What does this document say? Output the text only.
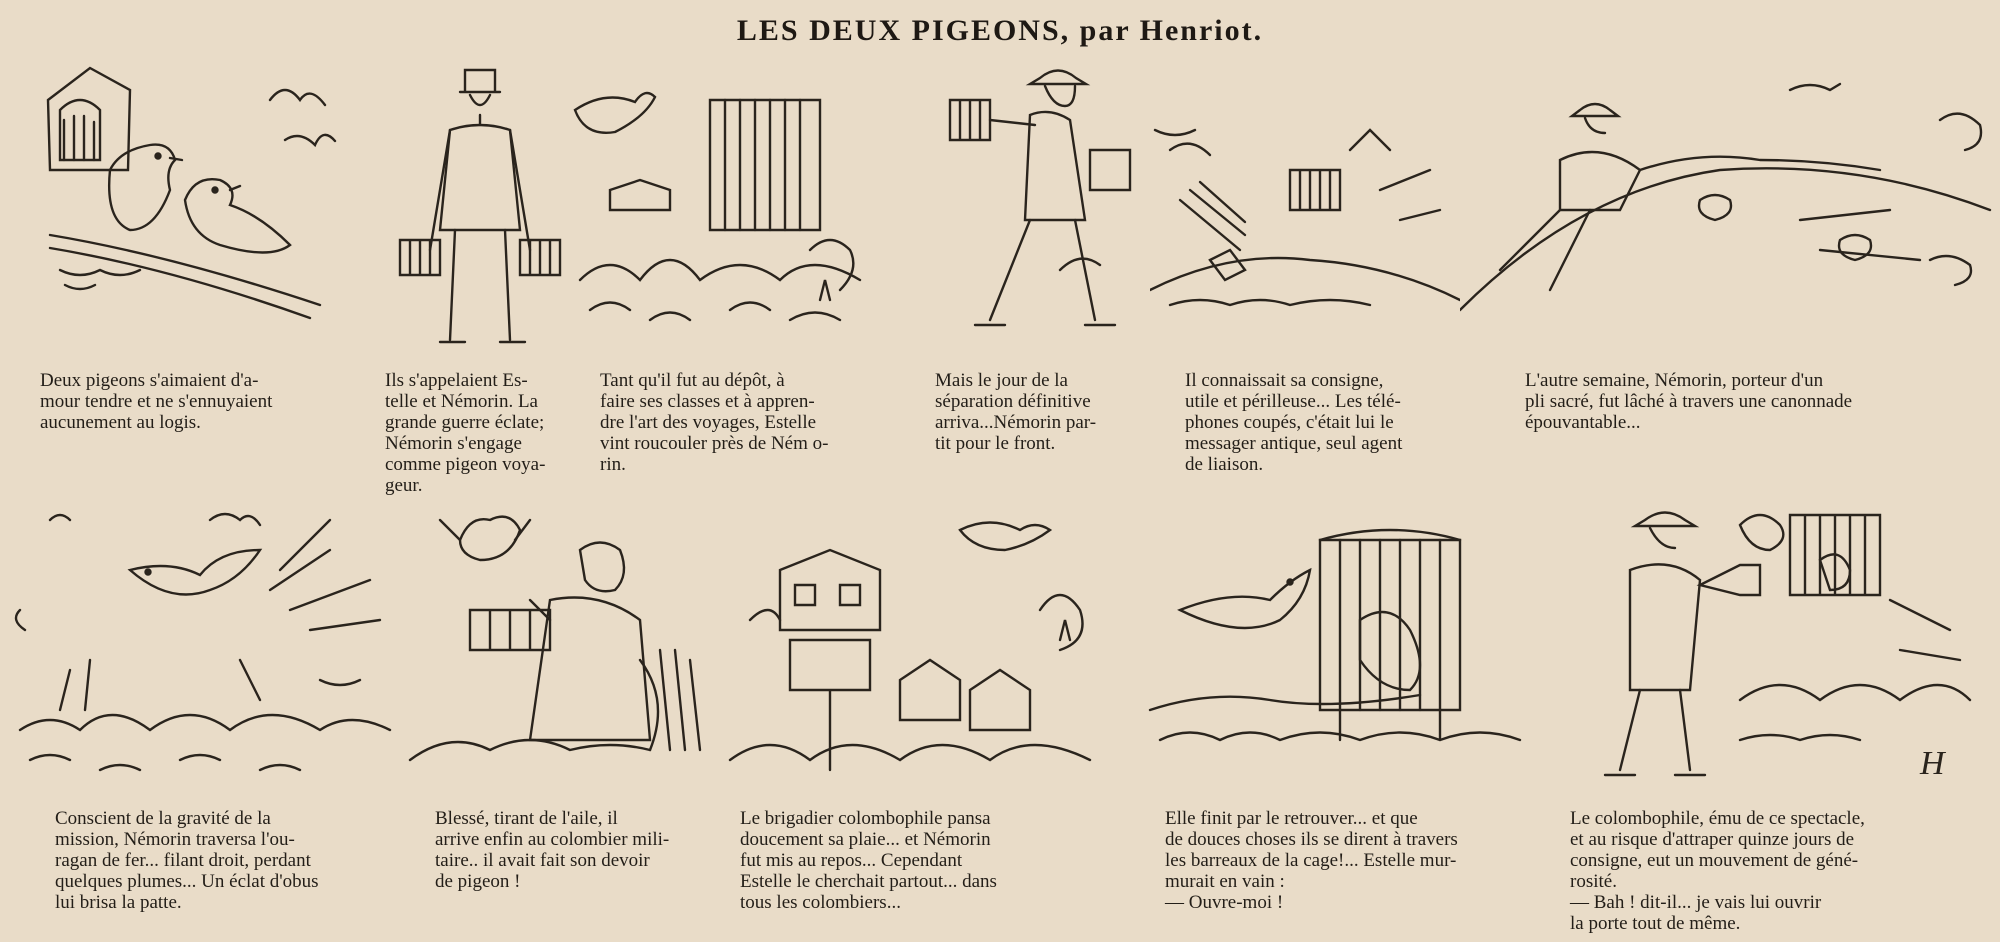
LES DEUX PIGEONS, par Henriot.
Deux pigeons s'aimaient d'a-
mour tendre et ne s'ennuyaient
aucunement au logis.
Ils s'appelaient Es-
telle et Némorin. La
grande guerre éclate;
Némorin s'engage
comme pigeon voya-
geur.
Tant qu'il fut au dépôt, à
faire ses classes et à appren-
dre l'art des voyages, Estelle
vint roucouler près de Ném o-
rin.
Mais le jour de la
séparation définitive
arriva...Némorin par-
tit pour le front.
Il connaissait sa consigne,
utile et périlleuse... Les télé-
phones coupés, c'était lui le
messager antique, seul agent
de liaison.
L'autre semaine, Némorin, porteur d'un
pli sacré, fut lâché à travers une canonnade
épouvantable...
Conscient de la gravité de la
mission, Némorin traversa l'ou-
ragan de fer... filant droit, perdant
quelques plumes... Un éclat d'obus
lui brisa la patte.
Blessé, tirant de l'aile, il
arrive enfin au colombier mili-
taire.. il avait fait son devoir
de pigeon !
Le brigadier colombophile pansa
doucement sa plaie... et Némorin
fut mis au repos... Cependant
Estelle le cherchait partout... dans
tous les colombiers...
Elle finit par le retrouver... et que
de douces choses ils se dirent à travers
les barreaux de la cage!... Estelle mur-
murait en vain :
— Ouvre-moi !
H
Le colombophile, ému de ce spectacle,
et au risque d'attraper quinze jours de
consigne, eut un mouvement de géné-
rosité.
— Bah ! dit-il... je vais lui ouvrir
la porte tout de même.
